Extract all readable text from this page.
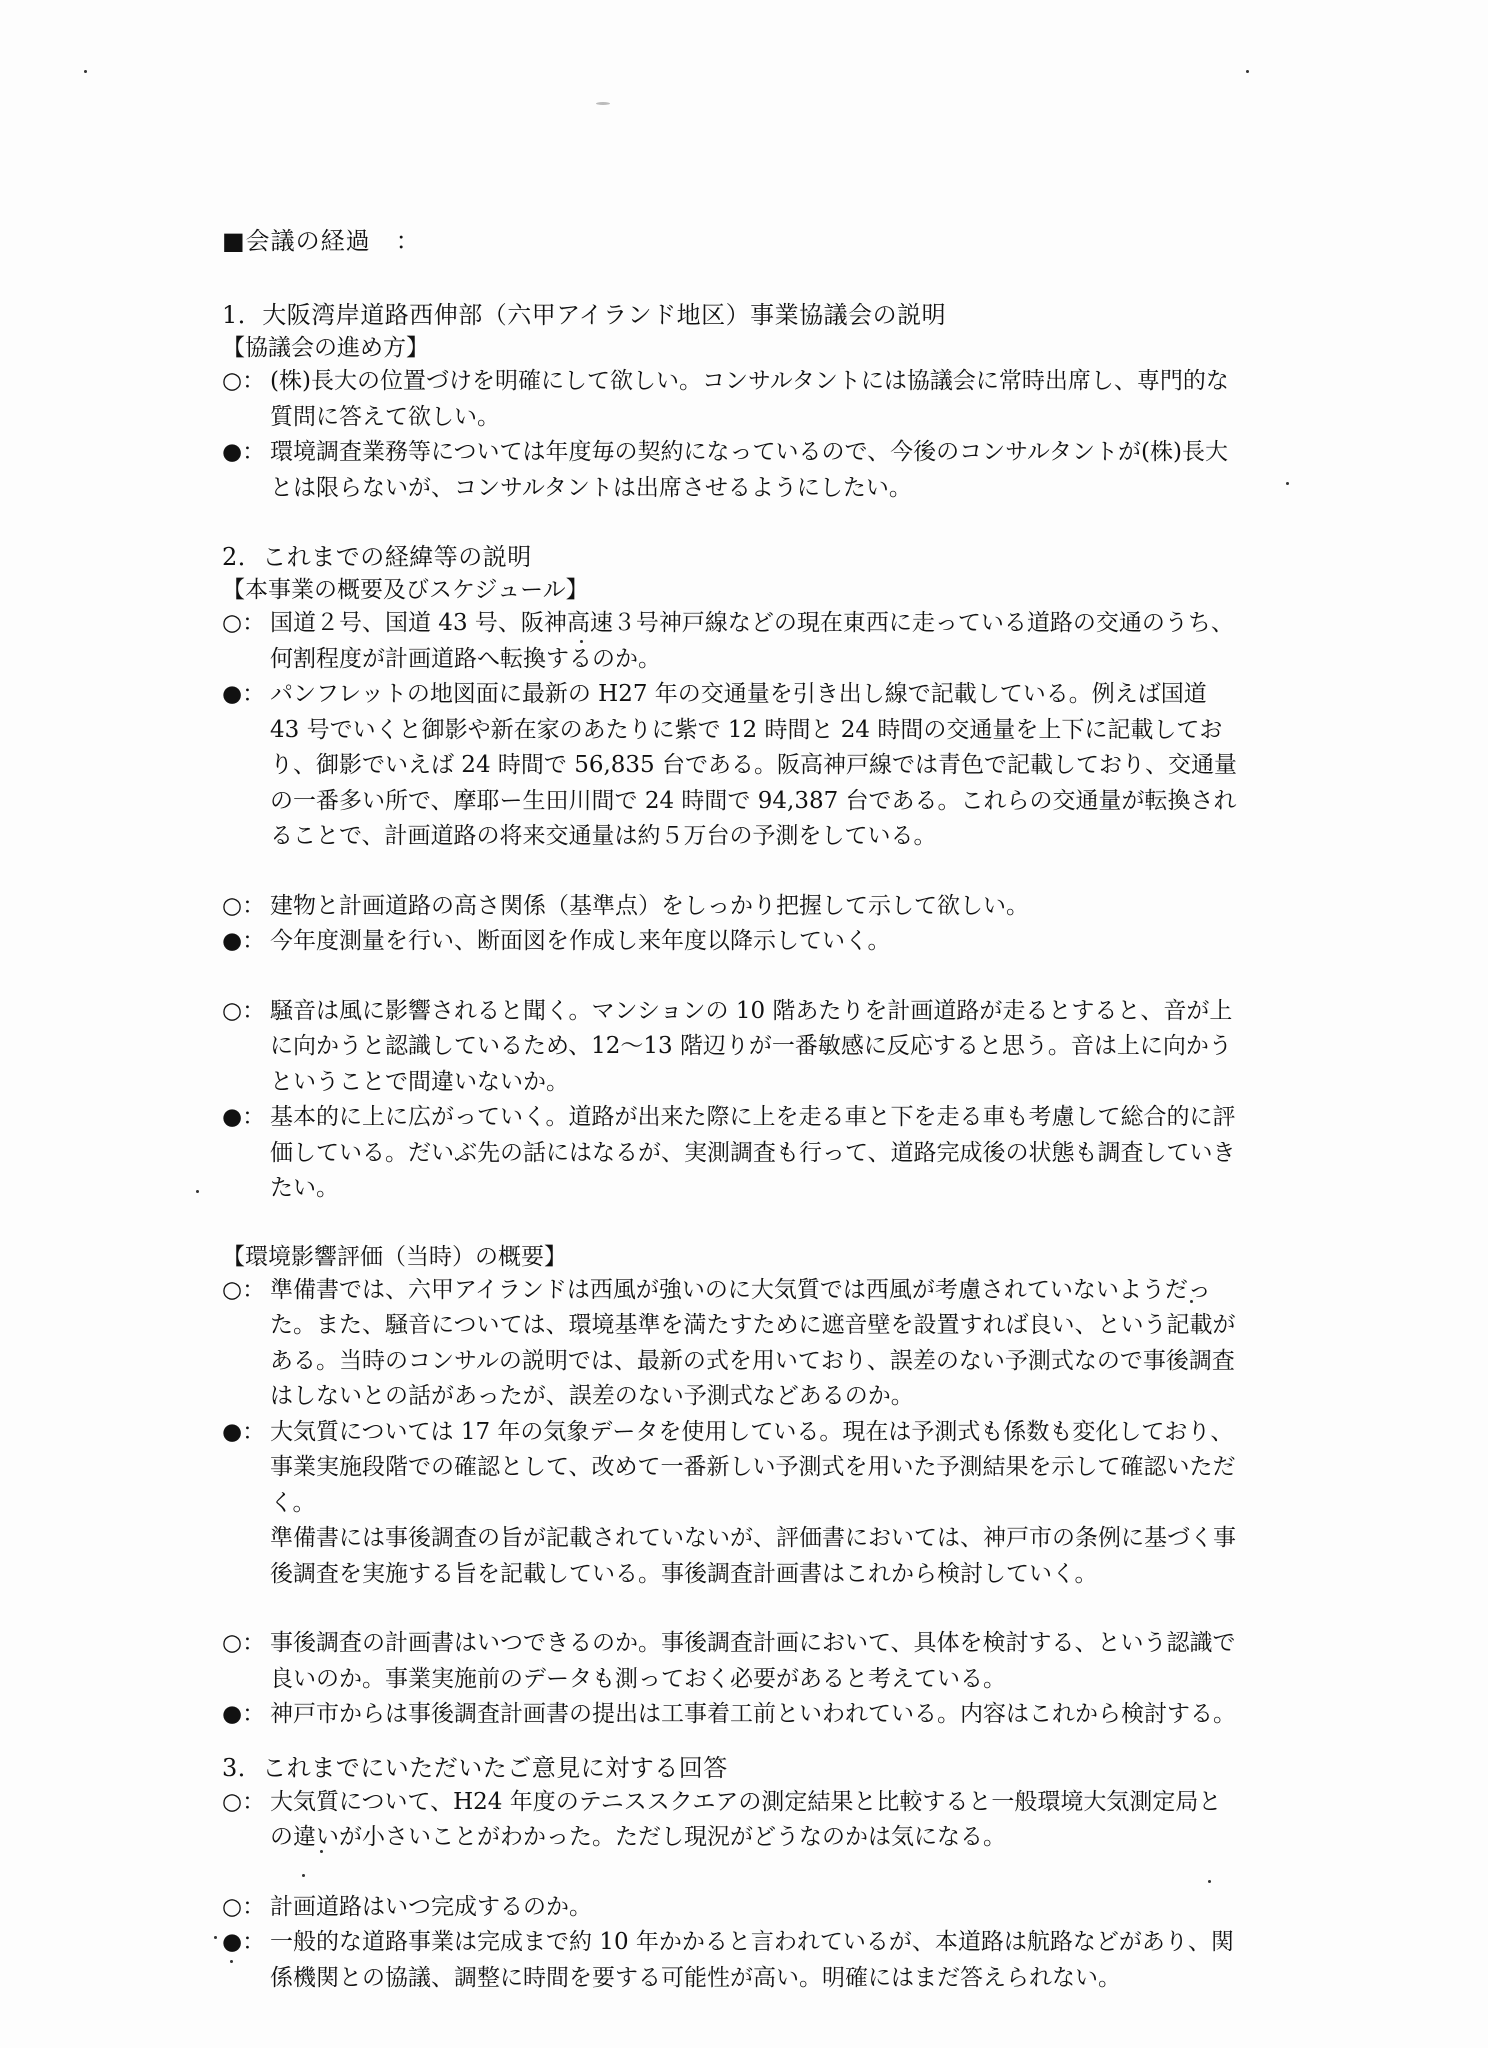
■会議の経過　：
1．大阪湾岸道路西伸部（六甲アイランド地区）事業協議会の説明
【協議会の進め方】
○： (株)長大の位置づけを明確にして欲しい。コンサルタントには協議会に常時出席し、専門的な質問に答えて欲しい。
●： 環境調査業務等については年度毎の契約になっているので、今後のコンサルタントが(株)長大とは限らないが、コンサルタントは出席させるようにしたい。
2．これまでの経緯等の説明
【本事業の概要及びスケジュール】
○： 国道２号、国道 43 号、阪神高速３号神戸線などの現在東西に走っている道路の交通のうち、何割程度が計画道路へ転換するのか。
●： パンフレットの地図面に最新の H27 年の交通量を引き出し線で記載している。例えば国道 43 号でいくと御影や新在家のあたりに紫で 12 時間と 24 時間の交通量を上下に記載しており、御影でいえば 24 時間で 56,835 台である。阪高神戸線では青色で記載しており、交通量の一番多い所で、摩耶ー生田川間で 24 時間で 94,387 台である。これらの交通量が転換されることで、計画道路の将来交通量は約５万台の予測をしている。
○： 建物と計画道路の高さ関係（基準点）をしっかり把握して示して欲しい。
●： 今年度測量を行い、断面図を作成し来年度以降示していく。
○： 騒音は風に影響されると聞く。マンションの 10 階あたりを計画道路が走るとすると、音が上に向かうと認識しているため、12〜13 階辺りが一番敏感に反応すると思う。音は上に向かうということで間違いないか。
●： 基本的に上に広がっていく。道路が出来た際に上を走る車と下を走る車も考慮して総合的に評価している。だいぶ先の話にはなるが、実測調査も行って、道路完成後の状態も調査していきたい。
【環境影響評価（当時）の概要】
○： 準備書では、六甲アイランドは西風が強いのに大気質では西風が考慮されていないようだった。また、騒音については、環境基準を満たすために遮音壁を設置すれば良い、という記載がある。当時のコンサルの説明では、最新の式を用いており、誤差のない予測式なので事後調査はしないとの話があったが、誤差のない予測式などあるのか。
●： 大気質については 17 年の気象データを使用している。現在は予測式も係数も変化しており、事業実施段階での確認として、改めて一番新しい予測式を用いた予測結果を示して確認いただく。
準備書には事後調査の旨が記載されていないが、評価書においては、神戸市の条例に基づく事後調査を実施する旨を記載している。事後調査計画書はこれから検討していく。
○： 事後調査の計画書はいつできるのか。事後調査計画において、具体を検討する、という認識で良いのか。事業実施前のデータも測っておく必要があると考えている。
●： 神戸市からは事後調査計画書の提出は工事着工前といわれている。内容はこれから検討する。
3．これまでにいただいたご意見に対する回答
○： 大気質について、H24 年度のテニススクエアの測定結果と比較すると一般環境大気測定局との違いが小さいことがわかった。ただし現況がどうなのかは気になる。
○： 計画道路はいつ完成するのか。
●： 一般的な道路事業は完成まで約 10 年かかると言われているが、本道路は航路などがあり、関係機関との協議、調整に時間を要する可能性が高い。明確にはまだ答えられない。
